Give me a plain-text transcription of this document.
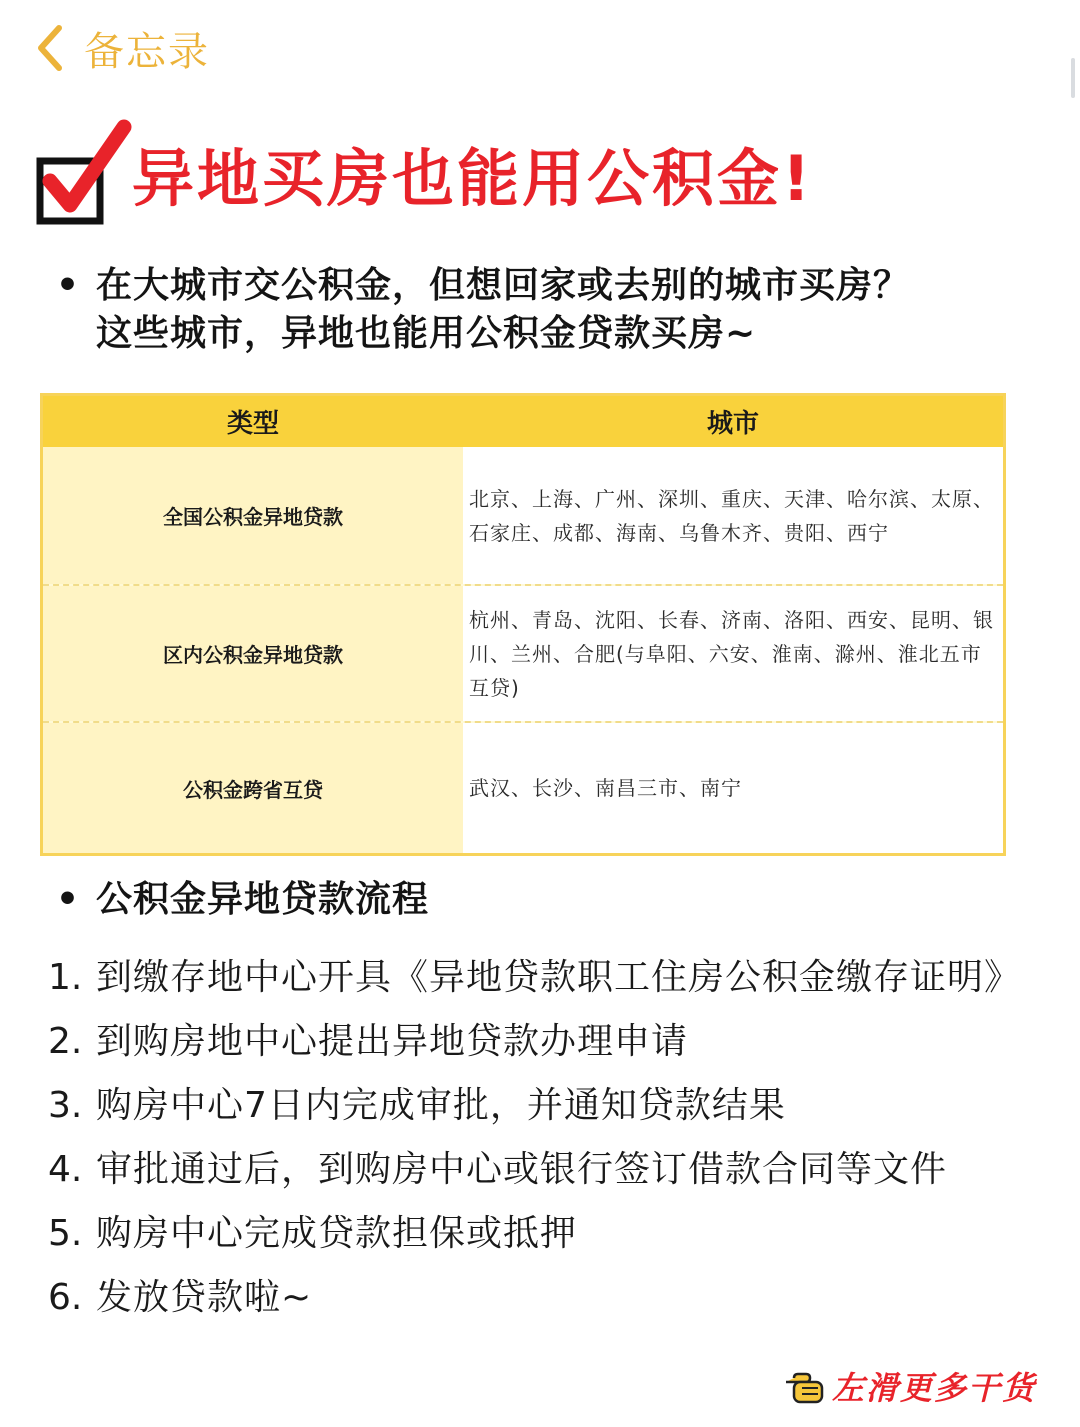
备忘录
异地买房也能用公积金!
• 在大城市交公积金，但想回家或去别的城市买房？这些城市，异地也能用公积金贷款买房~
类型	城市
全国公积金异地贷款
北京、上海、广州、深圳、重庆、天津、哈尔滨、太原、石家庄、成都、海南、乌鲁木齐、贵阳、西宁
区内公积金异地贷款
杭州、青岛、沈阳、长春、济南、洛阳、西安、昆明、银川、兰州、合肥(与阜阳、六安、淮南、滁州、淮北五市互贷)
公积金跨省互贷	武汉、长沙、南昌三市、南宁
• 公积金异地贷款流程
1. 到缴存地中心开具《异地贷款职工住房公积金缴存证明》
2. 到购房地中心提出异地贷款办理申请
3. 购房中心7日内完成审批，并通知贷款结果
4. 审批通过后，到购房中心或银行签订借款合同等文件
5. 购房中心完成贷款担保或抵押
6. 发放贷款啦~
左滑更多干货
